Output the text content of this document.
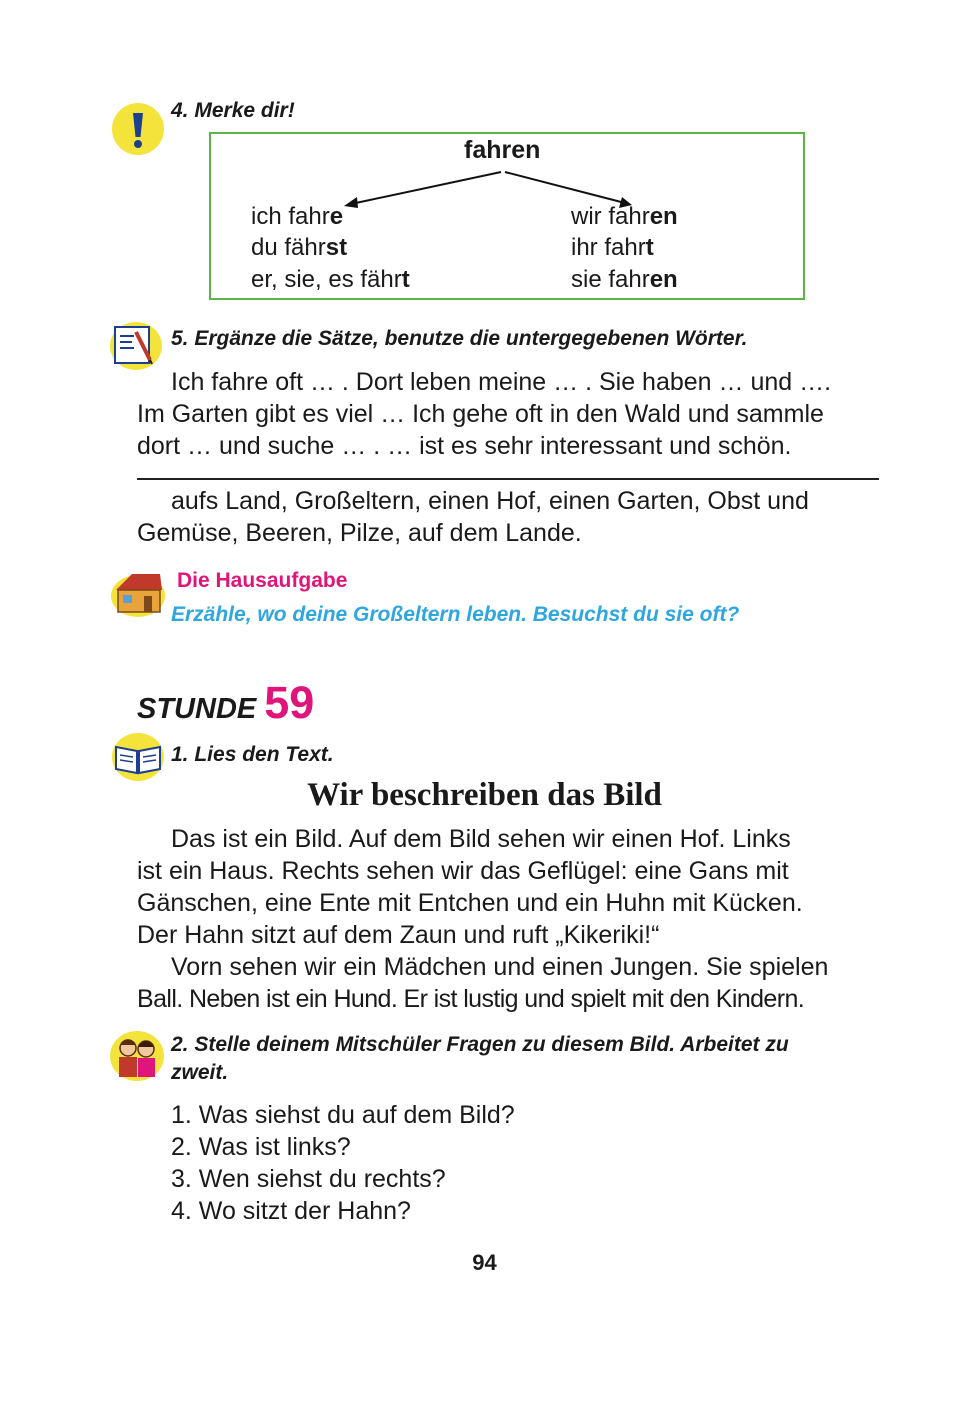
4. Merke dir!
fahren
ich fahre
du fährst
er, sie, es fährt
wir fahren
ihr fahrt
sie fahren
5. Ergänze die Sätze, benutze die untergegebenen Wörter.
Ich fahre oft … . Dort leben meine … . Sie haben … und ….
Im Garten gibt es viel … Ich gehe oft in den Wald und sammle
dort … und suche … . … ist es sehr interessant und schön.
aufs Land, Großeltern, einen Hof, einen Garten, Obst und
Gemüse, Beeren, Pilze, auf dem Lande.
Die Hausaufgabe
Erzähle, wo deine Großeltern leben. Besuchst du sie oft?
STUNDE 59
1. Lies den Text.
Wir beschreiben das Bild
Das ist ein Bild. Auf dem Bild sehen wir einen Hof. Links
ist ein Haus. Rechts sehen wir das Geflügel: eine Gans mit
Gänschen, eine Ente mit Entchen und ein Huhn mit Kücken.
Der Hahn sitzt auf dem Zaun und ruft „Kikeriki!“
Vorn sehen wir ein Mädchen und einen Jungen. Sie spielen
Ball. Neben ist ein Hund. Er ist lustig und spielt mit den Kindern.
2. Stelle deinem Mitschüler Fragen zu diesem Bild. Arbeitet zu
zweit.
1. Was siehst du auf dem Bild?
2. Was ist links?
3. Wen siehst du rechts?
4. Wo sitzt der Hahn?
94
